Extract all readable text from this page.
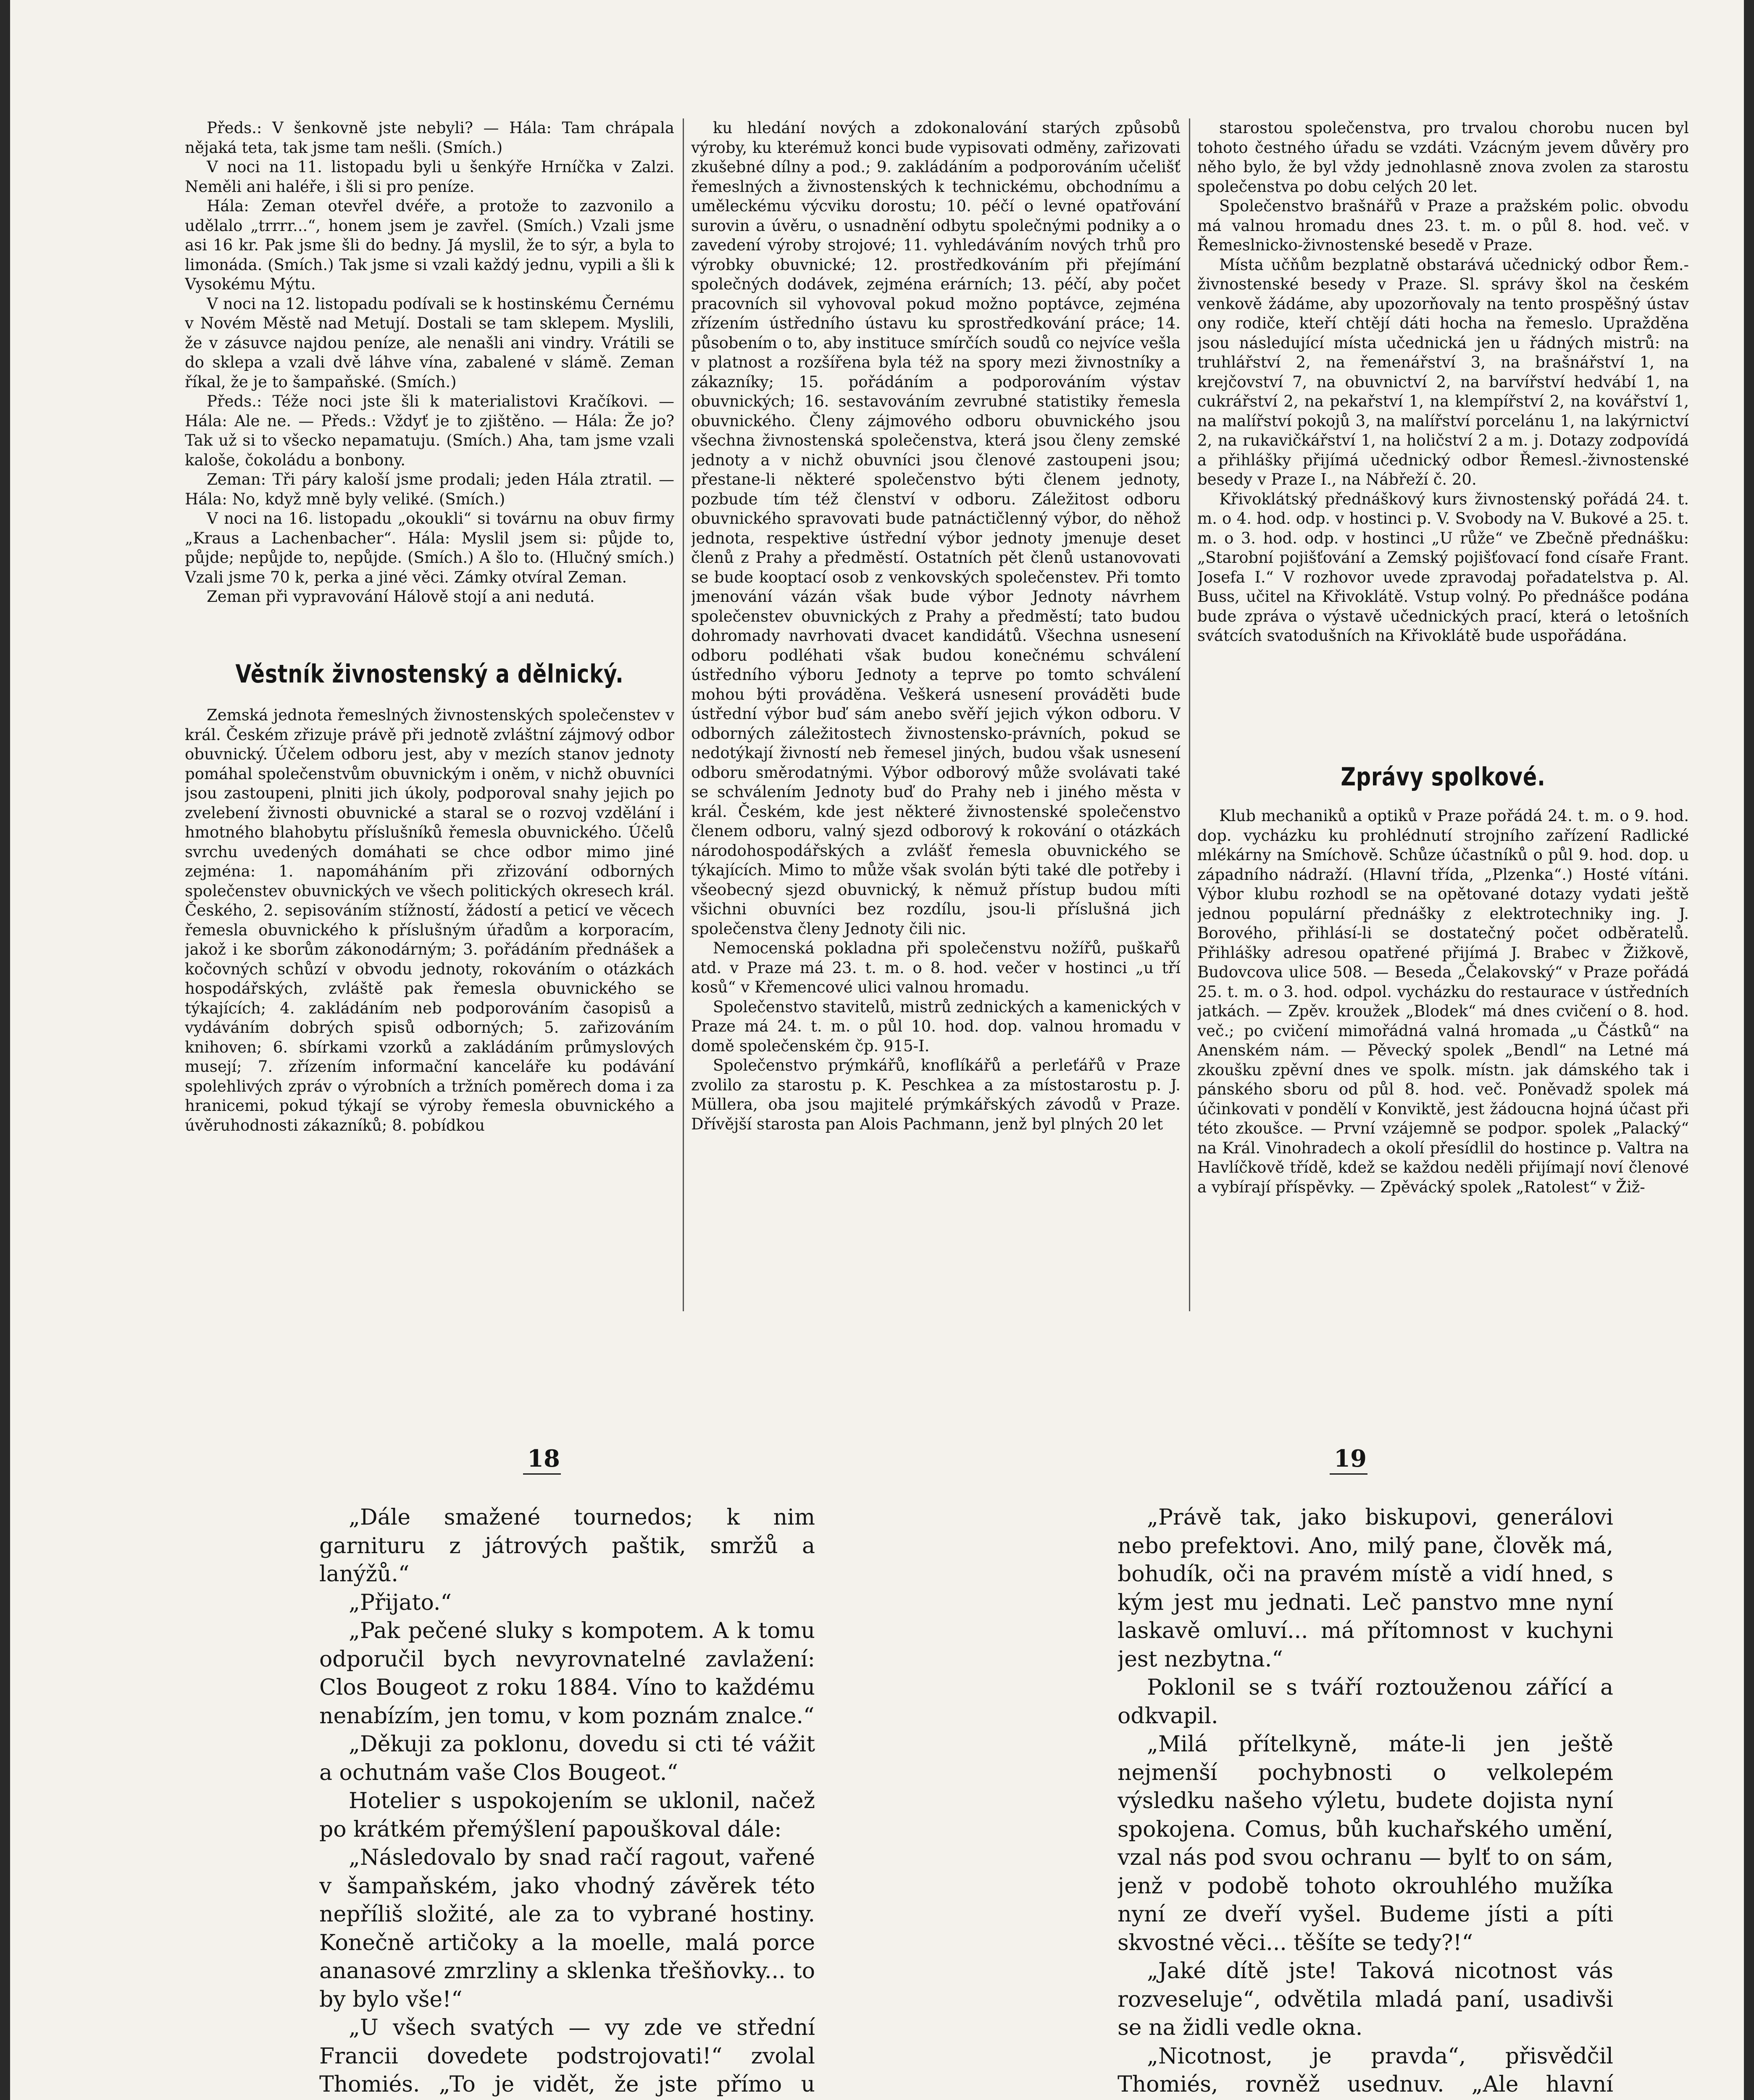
Předs.: V šenkovně jste nebyli? — Hála: Tam chrápala nějaká teta, tak jsme tam nešli. (Smích.)

V noci na 11. listopadu byli u šenkýře Hrníčka v Zalzi. Neměli ani haléře, i šli si pro peníze.

Hála: Zeman otevřel dvéře, a protože to zazvonilo a udělalo „trrrr...“, honem jsem je zavřel. (Smích.) Vzali jsme asi 16 kr. Pak jsme šli do bedny. Já myslil, že to sýr, a byla to limonáda. (Smích.) Tak jsme si vzali každý jednu, vypili a šli k Vysokému Mýtu.

V noci na 12. listopadu podívali se k hostinskému Černému v Novém Městě nad Metují. Dostali se tam sklepem. Myslili, že v zásuvce najdou peníze, ale nenašli ani vindry. Vrátili se do sklepa a vzali dvě láhve vína, zabalené v slámě. Zeman říkal, že je to šampaňské. (Smích.)

Předs.: Téže noci jste šli k materialistovi Kračíkovi. — Hála: Ale ne. — Předs.: Vždyť je to zjištěno. — Hála: Že jo? Tak už si to všecko nepamatuju. (Smích.) Aha, tam jsme vzali kaloše, čokoládu a bonbony.

Zeman: Tři páry kaloší jsme prodali; jeden Hála ztratil. — Hála: No, když mně byly veliké. (Smích.)

V noci na 16. listopadu „okoukli“ si továrnu na obuv firmy „Kraus a Lachenbacher“. Hála: Myslil jsem si: půjde to, půjde; nepůjde to, nepůjde. (Smích.) A šlo to. (Hlučný smích.) Vzali jsme 70 k, perka a jiné věci. Zámky otvíral Zeman.

Zeman při vypravování Hálově stojí a ani nedutá.

Věstník živnostenský a dělnický.

Zemská jednota řemeslných živnostenských společenstev v král. Českém zřizuje právě při jednotě zvláštní zájmový odbor obuvnický. Účelem odboru jest, aby v mezích stanov jednoty pomáhal společenstvům obuvnickým i oněm, v nichž obuvníci jsou zastoupeni, plniti jich úkoly, podporoval snahy jejich po zvelebení živnosti obuvnické a staral se o rozvoj vzdělání i hmotného blahobytu příslušníků řemesla obuvnického. Účelů svrchu uvedených domáhati se chce odbor mimo jiné zejména: 1. napomáháním při zřizování odborných společenstev obuvnických ve všech politických okresech král. Českého, 2. sepisováním stížností, žádostí a peticí ve věcech řemesla obuvnického k příslušným úřadům a korporacím, jakož i ke sborům zákonodárným; 3. pořádáním přednášek a kočovných schůzí v obvodu jednoty, rokováním o otázkách hospodářských, zvláště pak řemesla obuvnického se týkajících; 4. zakládáním neb podporováním časopisů a vydáváním dobrých spisů odborných; 5. zařizováním knihoven; 6. sbírkami vzorků a zakládáním průmyslových musejí; 7. zřízením informační kanceláře ku podávání spolehlivých zpráv o výrobních a tržních poměrech doma i za hranicemi, pokud týkají se výroby řemesla obuvnického a úvěruhodnosti zákazníků; 8. pobídkou

ku hledání nových a zdokonalování starých způsobů výroby, ku kterémuž konci bude vypisovati odměny, zařizovati zkušebné dílny a pod.; 9. zakládáním a podporováním učelišť řemeslných a živnostenských k technickému, obchodnímu a uměleckému výcviku dorostu; 10. péčí o levné opatřování surovin a úvěru, o usnadnění odbytu společnými podniky a o zavedení výroby strojové; 11. vyhledáváním nových trhů pro výrobky obuvnické; 12. prostředkováním při přejímání společných dodávek, zejména erárních; 13. péčí, aby počet pracovních sil vyhovoval pokud možno poptávce, zejména zřízením ústředního ústavu ku sprostředkování práce; 14. působením o to, aby instituce smírčích soudů co nejvíce vešla v platnost a rozšířena byla též na spory mezi živnostníky a zákazníky; 15. pořádáním a podporováním výstav obuvnických; 16. sestavováním zevrubné statistiky řemesla obuvnického. Členy zájmového odboru obuvnického jsou všechna živnostenská společenstva, která jsou členy zemské jednoty a v nichž obuvníci jsou členové zastoupeni jsou; přestane-li některé společenstvo býti členem jednoty, pozbude tím též členství v odboru. Záležitost odboru obuvnického spravovati bude patnáctičlenný výbor, do něhož jednota, respektive ústřední výbor jednoty jmenuje deset členů z Prahy a předměstí. Ostatních pět členů ustanovovati se bude kooptací osob z venkovských společenstev. Při tomto jmenování vázán však bude výbor Jednoty návrhem společenstev obuvnických z Prahy a předměstí; tato budou dohromady navrhovati dvacet kandidátů. Všechna usnesení odboru podléhati však budou konečnému schválení ústředního výboru Jednoty a teprve po tomto schválení mohou býti prováděna. Veškerá usnesení prováděti bude ústřední výbor buď sám anebo svěří jejich výkon odboru. V odborných záležitostech živnostensko-právních, pokud se nedotýkají živností neb řemesel jiných, budou však usnesení odboru směrodatnými. Výbor odborový může svolávati také se schválením Jednoty buď do Prahy neb i jiného města v král. Českém, kde jest některé živnostenské společenstvo členem odboru, valný sjezd odborový k rokování o otázkách národohospodářských a zvlášť řemesla obuvnického se týkajících. Mimo to může však svolán býti také dle potřeby i všeobecný sjezd obuvnický, k němuž přístup budou míti všichni obuvníci bez rozdílu, jsou-li příslušná jich společenstva členy Jednoty čili nic.

Nemocenská pokladna při společenstvu nožířů, puškařů atd. v Praze má 23. t. m. o 8. hod. večer v hostinci „u tří kosů“ v Křemencové ulici valnou hromadu.

Společenstvo stavitelů, mistrů zednických a kamenických v Praze má 24. t. m. o půl 10. hod. dop. valnou hromadu v domě společenském čp. 915-I.

Společenstvo prýmkářů, knoflíkářů a perleťářů v Praze zvolilo za starostu p. K. Peschkea a za místostarostu p. J. Müllera, oba jsou majitelé prýmkářských závodů v Praze. Dřívější starosta pan Alois Pachmann, jenž byl plných 20 let

starostou společenstva, pro trvalou chorobu nucen byl tohoto čestného úřadu se vzdáti. Vzácným jevem důvěry pro něho bylo, že byl vždy jednohlasně znova zvolen za starostu společenstva po dobu celých 20 let.

Společenstvo brašnářů v Praze a pražském polic. obvodu má valnou hromadu dnes 23. t. m. o půl 8. hod. več. v Řemeslnicko-živnostenské besedě v Praze.

Místa učňům bezplatně obstarává učednický odbor Řem.-živnostenské besedy v Praze. Sl. správy škol na českém venkově žádáme, aby upozorňovaly na tento prospěšný ústav ony rodiče, kteří chtějí dáti hocha na řemeslo. Upražděna jsou následující místa učednická jen u řádných mistrů: na truhlářství 2, na řemenářství 3, na brašnářství 1, na krejčovství 7, na obuvnictví 2, na barvířství hedvábí 1, na cukrářství 2, na pekařství 1, na klempířství 2, na kovářství 1, na malířství pokojů 3, na malířství porcelánu 1, na lakýrnictví 2, na rukavičkářství 1, na holičství 2 a m. j. Dotazy zodpovídá a přihlášky přijímá učednický odbor Řemesl.-živnostenské besedy v Praze I., na Nábřeží č. 20.

Křivoklátský přednáškový kurs živnostenský pořádá 24. t. m. o 4. hod. odp. v hostinci p. V. Svobody na V. Bukové a 25. t. m. o 3. hod. odp. v hostinci „U růže“ ve Zbečně přednášku: „Starobní pojišťování a Zemský pojišťovací fond císaře Frant. Josefa I.“ V rozhovor uvede zpravodaj pořadatelstva p. Al. Buss, učitel na Křivoklátě. Vstup volný. Po přednášce podána bude zpráva o výstavě učednických prací, která o letošních svátcích svatodušních na Křivoklátě bude uspořádána.

Zprávy spolkové.

Klub mechaniků a optiků v Praze pořádá 24. t. m. o 9. hod. dop. vycházku ku prohlédnutí strojního zařízení Radlické mlékárny na Smíchově. Schůze účastníků o půl 9. hod. dop. u západního nádraží. (Hlavní třída, „Plzenka“.) Hosté vítáni. Výbor klubu rozhodl se na opětované dotazy vydati ještě jednou populární přednášky z elektrotechniky ing. J. Borového, přihlásí-li se dostatečný počet odběratelů. Přihlášky adresou opatřené přijímá J. Brabec v Žižkově, Budovcova ulice 508. — Beseda „Čelakovský“ v Praze pořádá 25. t. m. o 3. hod. odpol. vycházku do restaurace v ústředních jatkách. — Zpěv. kroužek „Blodek“ má dnes cvičení o 8. hod. več.; po cvičení mimořádná valná hromada „u Částků“ na Anenském nám. — Pěvecký spolek „Bendl“ na Letné má zkoušku zpěvní dnes ve spolk. místn. jak dámského tak i pánského sboru od půl 8. hod. več. Poněvadž spolek má účinkovati v pondělí v Konviktě, jest žádoucna hojná účast při této zkoušce. — První vzájemně se podpor. spolek „Palacký“ na Král. Vinohradech a okolí přesídlil do hostince p. Valtra na Havlíčkově třídě, kdež se každou neděli přijímají noví členové a vybírají příspěvky. — Zpěvácký spolek „Ratolest“ v Žiž-

18	19

„Dále smažené tournedos; k nim garnituru z játrových paštik, smržů a lanýžů.“

„Přijato.“

„Pak pečené sluky s kompotem. A k tomu odporučil bych nevyrovnatelné zavlažení: Clos Bougeot z roku 1884. Víno to každému nenabízím, jen tomu, v kom poznám znalce.“

„Děkuji za poklonu, dovedu si cti té vážit a ochutnám vaše Clos Bougeot.“

Hotelier s uspokojením se uklonil, načež po krátkém přemýšlení papouškoval dále:

„Následovalo by snad račí ragout, vařené v šampaňském, jako vhodný závěrek této nepříliš složité, ale za to vybrané hostiny. Konečně artičoky a la moelle, malá porce ananasové zmrzliny a sklenka třešňovky... to by bylo vše!“

„U všech svatých — vy zde ve střední Francii dovedete podstrojovati!“ zvolal Thomiés. „To je vidět, že jste přímo u

„Právě tak, jako biskupovi, generálovi nebo prefektovi. Ano, milý pane, člověk má, bohudík, oči na pravém místě a vidí hned, s kým jest mu jednati. Leč panstvo mne nyní laskavě omluví... má přítomnost v kuchyni jest nezbytna.“

Poklonil se s tváří roztouženou zářící a odkvapil.

„Milá přítelkyně, máte-li jen ještě nejmenší pochybnosti o velkolepém výsledku našeho výletu, budete dojista nyní spokojena. Comus, bůh kuchařského umění, vzal nás pod svou ochranu — bylť to on sám, jenž v podobě tohoto okrouhlého mužíka nyní ze dveří vyšel. Budeme jísti a píti skvostné věci... těšíte se tedy?!“

„Jaké dítě jste! Taková nicotnost vás rozveseluje“, odvětila mladá paní, usadivši se na židli vedle okna.

„Nicotnost, je pravda“, přisvědčil Thomiés, rovněž usednuv. „Ale hlavní
